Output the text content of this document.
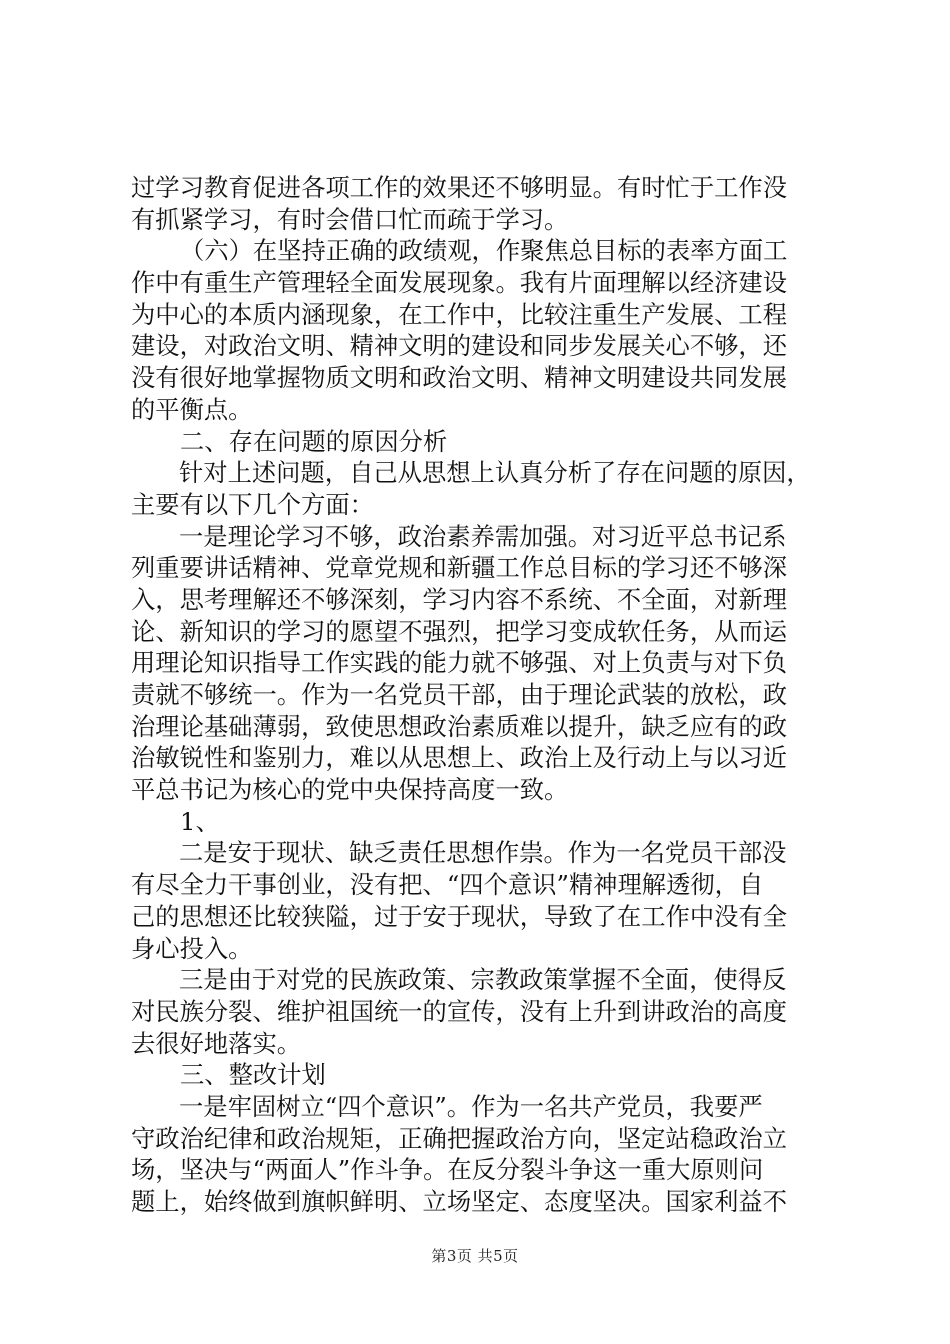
过学习教育促进各项工作的效果还不够明显。有时忙于工作没
有抓紧学习，有时会借口忙而疏于学习。
（六）在坚持正确的政绩观，作聚焦总目标的表率方面工
作中有重生产管理轻全面发展现象。我有片面理解以经济建设
为中心的本质内涵现象，在工作中，比较注重生产发展、工程
建设，对政治文明、精神文明的建设和同步发展关心不够，还
没有很好地掌握物质文明和政治文明、精神文明建设共同发展
的平衡点。
二、存在问题的原因分析
针对上述问题，自己从思想上认真分析了存在问题的原因，
主要有以下几个方面：
一是理论学习不够，政治素养需加强。对习近平总书记系
列重要讲话精神、党章党规和新疆工作总目标的学习还不够深
入，思考理解还不够深刻，学习内容不系统、不全面，对新理
论、新知识的学习的愿望不强烈，把学习变成软任务，从而运
用理论知识指导工作实践的能力就不够强、对上负责与对下负
责就不够统一。作为一名党员干部，由于理论武装的放松，政
治理论基础薄弱，致使思想政治素质难以提升，缺乏应有的政
治敏锐性和鉴别力，难以从思想上、政治上及行动上与以习近
平总书记为核心的党中央保持高度一致。
1、
二是安于现状、缺乏责任思想作祟。作为一名党员干部没
有尽全力干事创业，没有把、“四个意识”精神理解透彻，自
己的思想还比较狭隘，过于安于现状，导致了在工作中没有全
身心投入。
三是由于对党的民族政策、宗教政策掌握不全面，使得反
对民族分裂、维护祖国统一的宣传，没有上升到讲政治的高度
去很好地落实。
三、整改计划
一是牢固树立“四个意识”。作为一名共产党员，我要严
守政治纪律和政治规矩，正确把握政治方向，坚定站稳政治立
场，坚决与“两面人”作斗争。在反分裂斗争这一重大原则问
题上，始终做到旗帜鲜明、立场坚定、态度坚决。国家利益不
第3页 共5页
